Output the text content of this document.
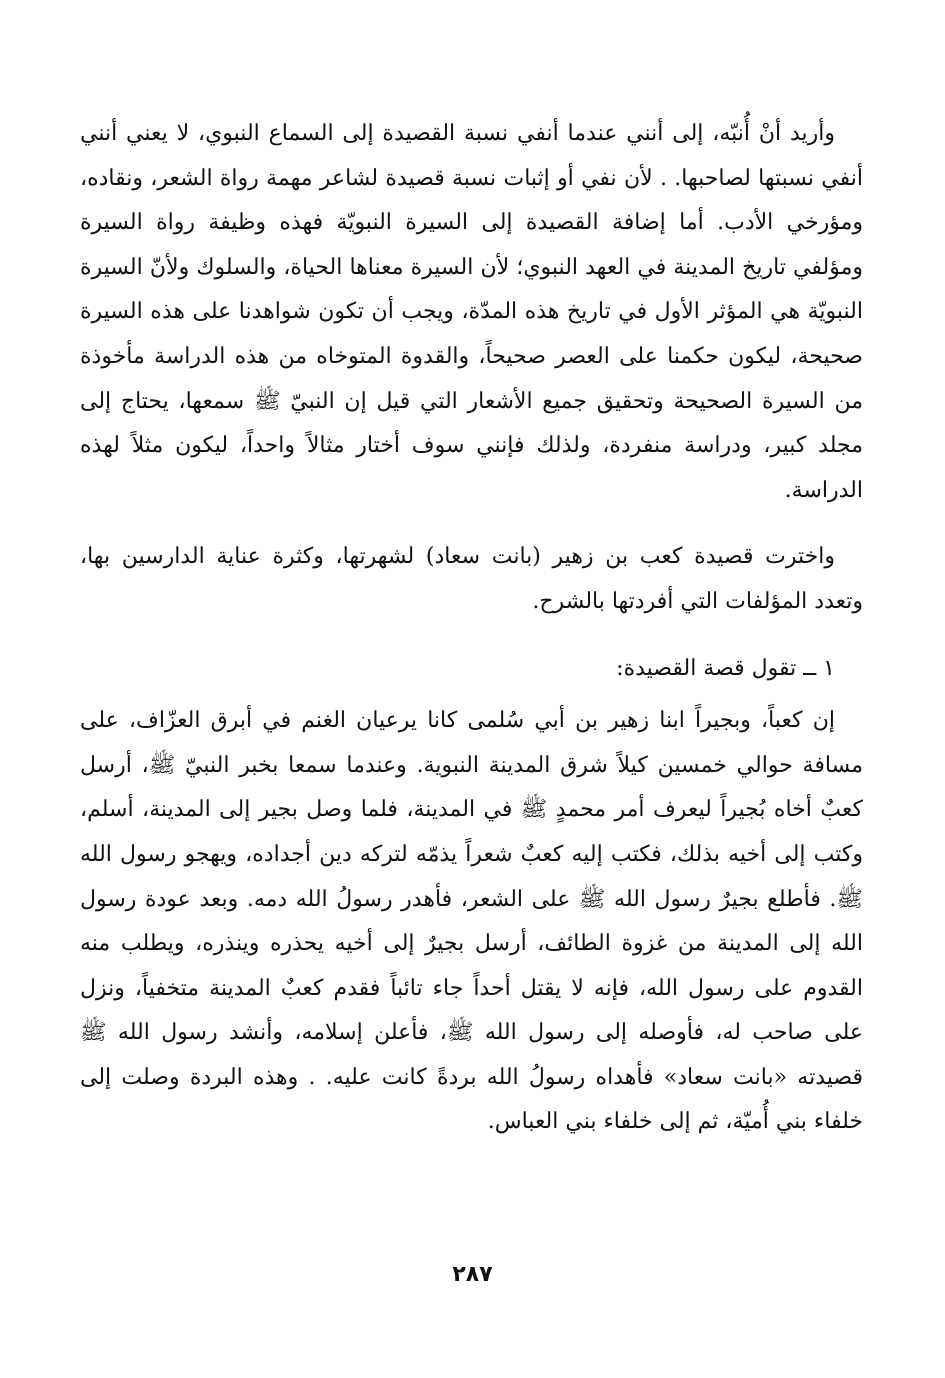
وأريد أنْ أُنبّه، إلى أنني عندما أنفي نسبة القصيدة إلى السماع النبوي، لا يعني أنني أنفي نسبتها لصاحبها. . لأن نفي أو إثبات نسبة قصيدة لشاعر مهمة رواة الشعر، ونقاده، ومؤرخي الأدب. أما إضافة القصيدة إلى السيرة النبويّة فهذه وظيفة رواة السيرة ومؤلفي تاريخ المدينة في العهد النبوي؛ لأن السيرة معناها الحياة، والسلوك ولأنّ السيرة النبويّة هي المؤثر الأول في تاريخ هذه المدّة، ويجب أن تكون شواهدنا على هذه السيرة صحيحة، ليكون حكمنا على العصر صحيحاً، والقدوة المتوخاه من هذه الدراسة مأخوذة من السيرة الصحيحة وتحقيق جميع الأشعار التي قيل إن النبيّ ﷺ سمعها، يحتاج إلى مجلد كبير، ودراسة منفردة، ولذلك فإنني سوف أختار مثالاً واحداً، ليكون مثلاً لهذه الدراسة.

واخترت قصيدة كعب بن زهير (بانت سعاد) لشهرتها، وكثرة عناية الدارسين بها، وتعدد المؤلفات التي أفردتها بالشرح.

١ ــ تقول قصة القصيدة:

إن كعباً، وبجيراً ابنا زهير بن أبي سُلمى كانا يرعيان الغنم في أبرق العزّاف، على مسافة حوالي خمسين كيلاً شرق المدينة النبوية. وعندما سمعا بخبر النبيّ ﷺ، أرسل كعبٌ أخاه بُجيراً ليعرف أمر محمدٍ ﷺ في المدينة، فلما وصل بجير إلى المدينة، أسلم، وكتب إلى أخيه بذلك، فكتب إليه كعبٌ شعراً يذمّه لتركه دين أجداده، ويهجو رسول الله ﷺ. فأطلع بجيرٌ رسول الله ﷺ على الشعر، فأهدر رسولُ الله دمه. وبعد عودة رسول الله إلى المدينة من غزوة الطائف، أرسل بجيرٌ إلى أخيه يحذره وينذره، ويطلب منه القدوم على رسول الله، فإنه لا يقتل أحداً جاء تائباً فقدم كعبٌ المدينة متخفياً، ونزل على صاحب له، فأوصله إلى رسول الله ﷺ، فأعلن إسلامه، وأنشد رسول الله ﷺ قصيدته «بانت سعاد» فأهداه رسولُ الله بردةً كانت عليه. . وهذه البردة وصلت إلى خلفاء بني أُميّة، ثم إلى خلفاء بني العباس.

٢٨٧
